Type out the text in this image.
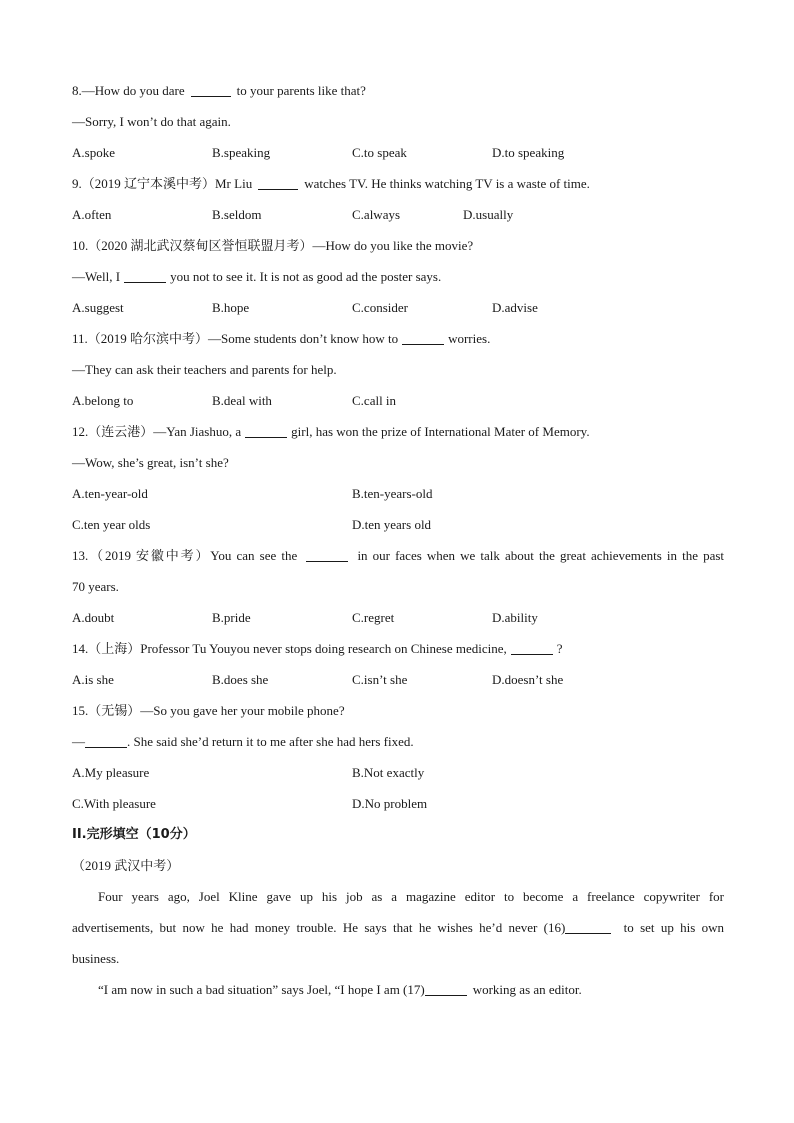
8.—How do you dare	to your parents like that?
—Sorry, I won’t do that again.
A.spoke	B.speaking	C.to speak	D.to speaking
9.（2019 辽宁本溪中考）Mr Liu	watches TV. He thinks watching TV is a waste of time.
A.often	B.seldom	C.always	D.usually
10.（2020 湖北武汉蔡甸区誉恒联盟月考）—How do you like the movie?
—Well, I	you not to see it. It is not as good ad the poster says.
A.suggest	B.hope	C.consider	D.advise
11.（2019 哈尔滨中考）—Some students don’t know how to	worries.
—They can ask their teachers and parents for help.
A.belong to	B.deal with	C.call in
12.（连云港）—Yan Jiashuo, a	girl, has won the prize of International Mater of Memory.
—Wow, she’s great, isn’t she?
A.ten-year-old	B.ten-years-old
C.ten year olds	D.ten years old
13.（2019 安徽中考）You can see the	in our faces when we talk about the great achievements in the past
70 years.
A.doubt	B.pride	C.regret	D.ability
14.（上海）Professor Tu Youyou never stops doing research on Chinese medicine,	?
A.is she	B.does she	C.isn’t she	D.doesn’t she
15.（无锡）—So you gave her your mobile phone?
—	. She said she’d return it to me after she had hers fixed.
A.My pleasure	B.Not exactly
C.With pleasure	D.No problem
II.完形填空（10分）
（2019 武汉中考）
Four years ago, Joel Kline gave up his job as a magazine editor to become a freelance copywriter for
advertisements, but now he had money trouble. He says that he wishes he’d never (16)	to set up his own
business.
“I am now in such a bad situation” says Joel, “I hope I am (17)	working as an editor.
